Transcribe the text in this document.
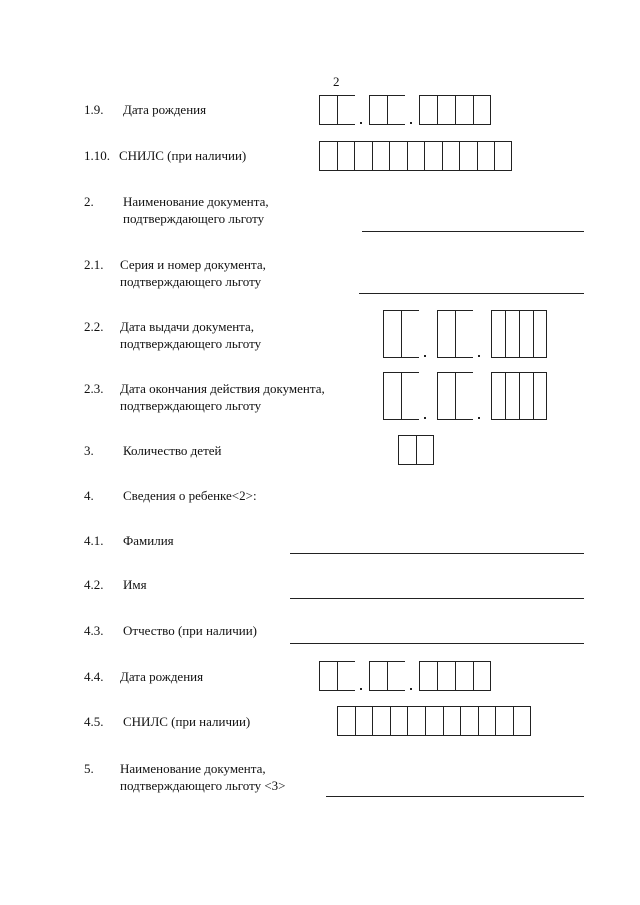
2
1.9. Дата рождения
1.10. СНИЛС (при наличии)
2. Наименование документа,
подтверждающего льготу
2.1. Серия и номер документа,
подтверждающего льготу
2.2. Дата выдачи документа,
подтверждающего льготу
2.3. Дата окончания действия документа,
подтверждающего льготу
3. Количество детей
4. Сведения о ребенке<2>:
4.1. Фамилия
4.2. Имя
4.3. Отчество (при наличии)
4.4. Дата рождения
4.5. СНИЛС (при наличии)
5. Наименование документа,
подтверждающего льготу <3>
